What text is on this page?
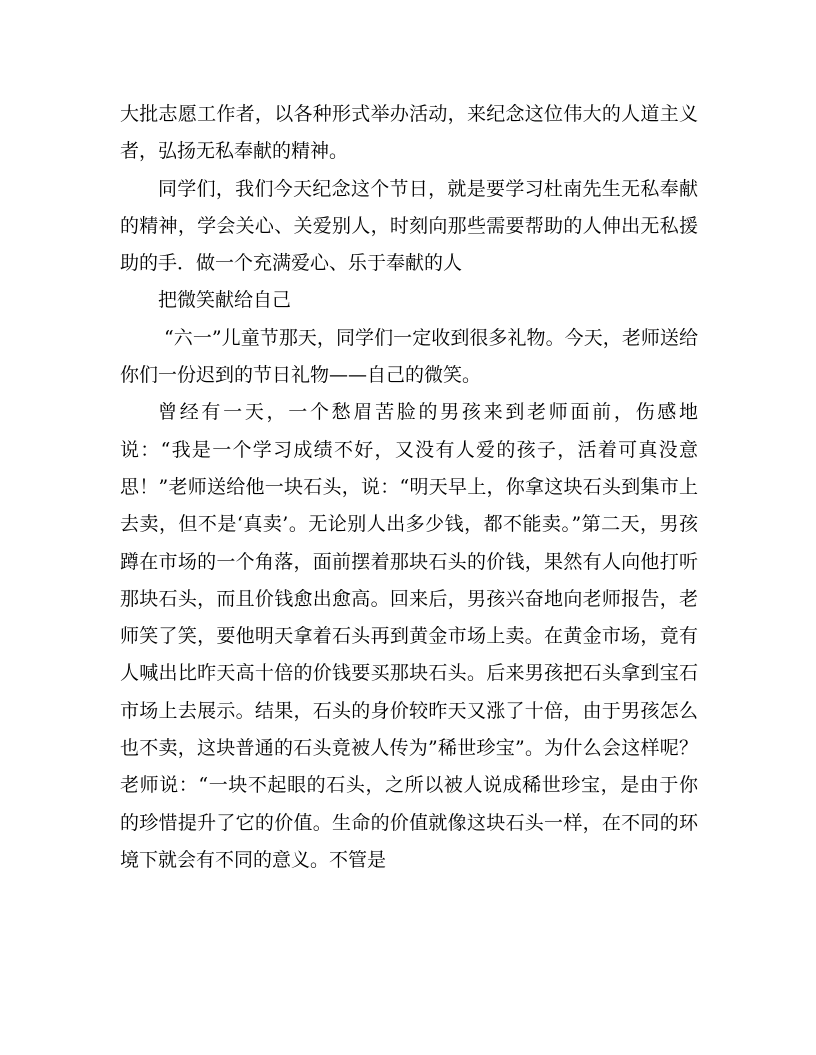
大批志愿工作者，以各种形式举办活动，来纪念这位伟大的人道主义者，弘扬无私奉献的精神。

同学们，我们今天纪念这个节日，就是要学习杜南先生无私奉献的精神，学会关心、关爱别人，时刻向那些需要帮助的人伸出无私援助的手．做一个充满爱心、乐于奉献的人

把微笑献给自己

“六一”儿童节那天，同学们一定收到很多礼物。今天，老师送给你们一份迟到的节日礼物——自己的微笑。

曾经有一天，一个愁眉苦脸的男孩来到老师面前，伤感地说：“我是一个学习成绩不好，又没有人爱的孩子，活着可真没意思！”老师送给他一块石头，说：“明天早上，你拿这块石头到集市上去卖，但不是‘真卖’。无论别人出多少钱，都不能卖。”第二天，男孩蹲在市场的一个角落，面前摆着那块石头的价钱，果然有人向他打听那块石头，而且价钱愈出愈高。回来后，男孩兴奋地向老师报告，老师笑了笑，要他明天拿着石头再到黄金市场上卖。在黄金市场，竟有人喊出比昨天高十倍的价钱要买那块石头。后来男孩把石头拿到宝石市场上去展示。结果，石头的身价较昨天又涨了十倍，由于男孩怎么也不卖，这块普通的石头竟被人传为”稀世珍宝”。为什么会这样呢？老师说：“一块不起眼的石头，之所以被人说成稀世珍宝，是由于你的珍惜提升了它的价值。生命的价值就像这块石头一样，在不同的环境下就会有不同的意义。不管是
